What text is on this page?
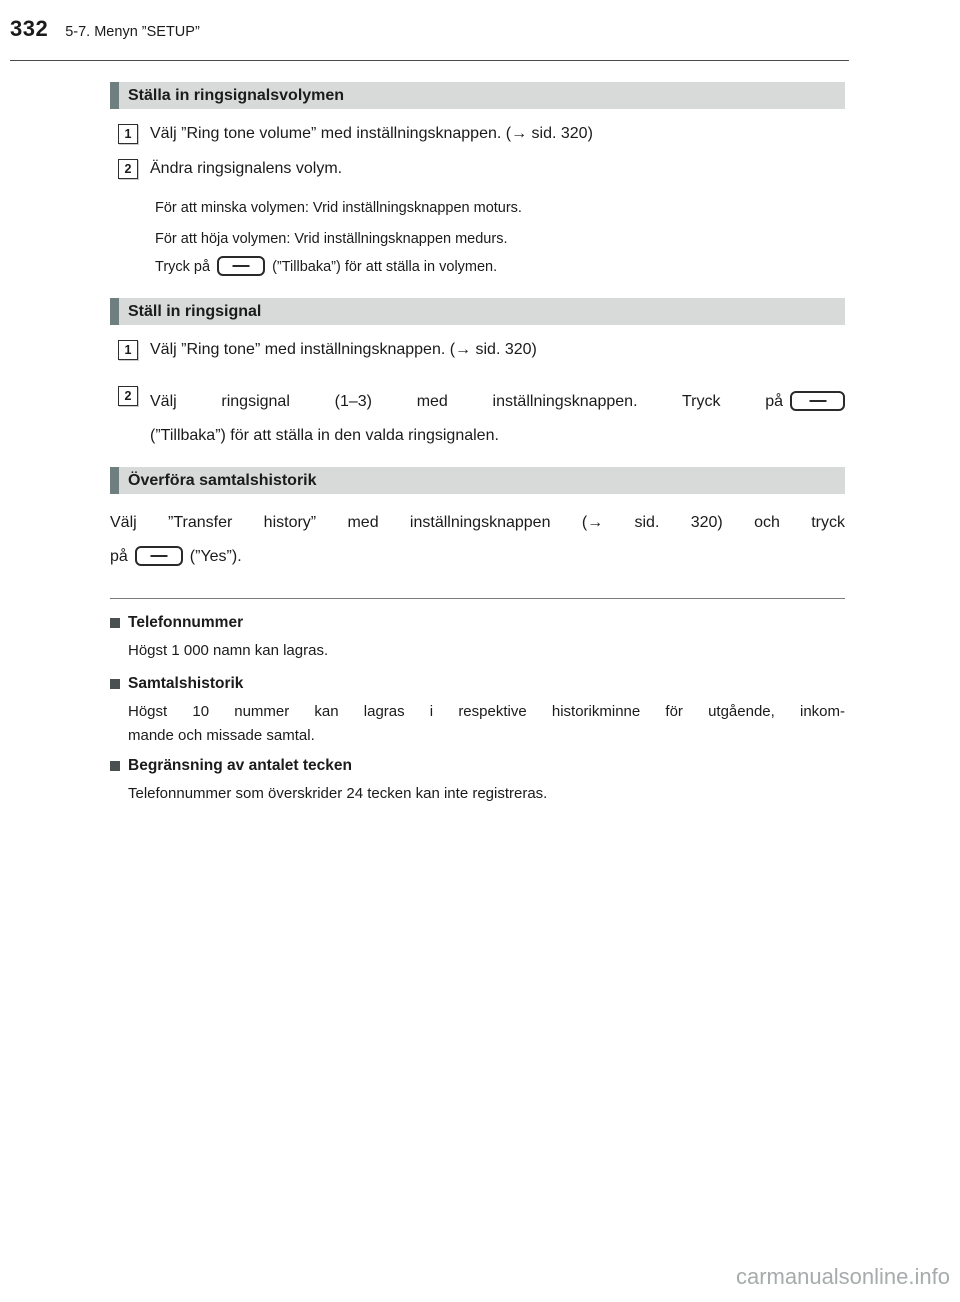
332 5-7. Menyn ”SETUP”
Ställa in ringsignalsvolymen
1	Välj ”Ring tone volume” med inställningsknappen. (→ sid. 320)
2	Ändra ringsignalens volym.
För att minska volymen: Vrid inställningsknappen moturs.
För att höja volymen: Vrid inställningsknappen medurs.
Tryck på	(”Tillbaka”) för att ställa in volymen.
Ställ in ringsignal
1	Välj ”Ring tone” med inställningsknappen. (→ sid. 320)
2	Välj ringsignal (1–3) med inställningsknappen. Tryck på
(”Tillbaka”) för att ställa in den valda ringsignalen.
Överföra samtalshistorik
Välj ”Transfer history” med inställningsknappen (→ sid. 320) och tryck
på	(”Yes”).
Telefonnummer
Högst 1 000 namn kan lagras.
Samtalshistorik
Högst 10 nummer kan lagras i respektive historikminne för utgående, inkom-
mande och missade samtal.
Begränsning av antalet tecken
Telefonnummer som överskrider 24 tecken kan inte registreras.
carmanualsonline.info
